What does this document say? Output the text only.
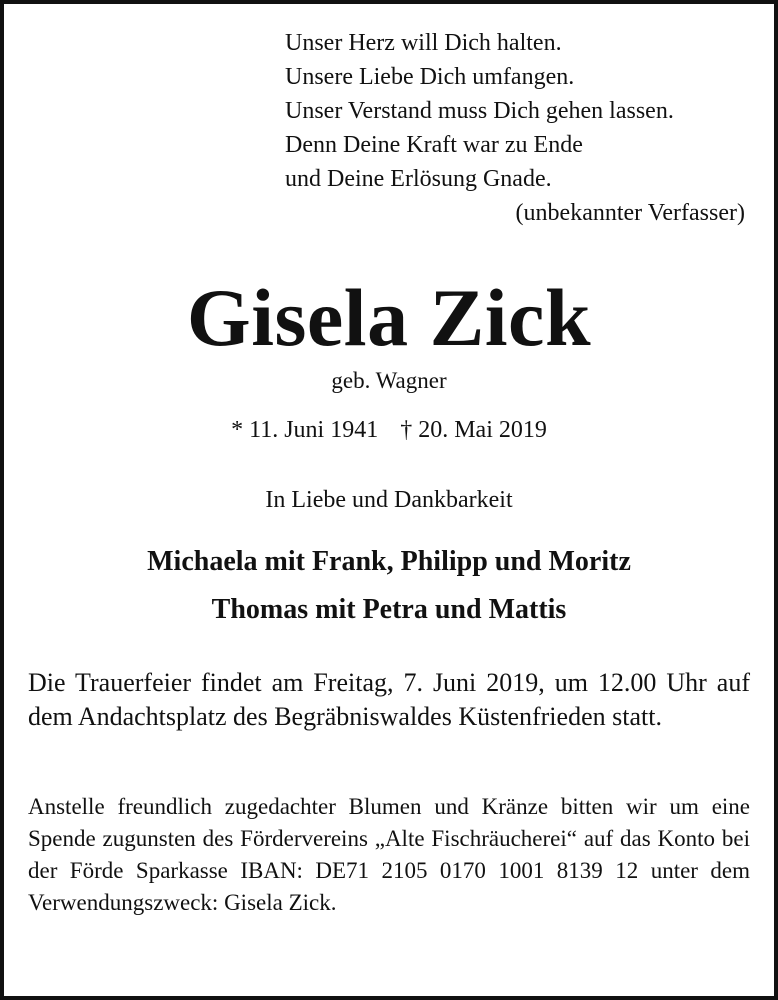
Unser Herz will Dich halten.
Unsere Liebe Dich umfangen.
Unser Verstand muss Dich gehen lassen.
Denn Deine Kraft war zu Ende
und Deine Erlösung Gnade.
(unbekannter Verfasser)
Gisela Zick
geb. Wagner
* 11. Juni 1941 † 20. Mai 2019
In Liebe und Dankbarkeit
Michaela mit Frank, Philipp und Moritz
Thomas mit Petra und Mattis
Die Trauerfeier findet am Freitag, 7. Juni 2019, um 12.00 Uhr auf dem Andachtsplatz des Begräbniswaldes Küstenfrieden statt.
Anstelle freundlich zugedachter Blumen und Kränze bitten wir um eine Spende zugunsten des Fördervereins „Alte Fischräucherei“ auf das Konto bei der Förde Sparkasse IBAN: DE71 2105 0170 1001 8139 12 unter dem Verwendungszweck: Gisela Zick.
